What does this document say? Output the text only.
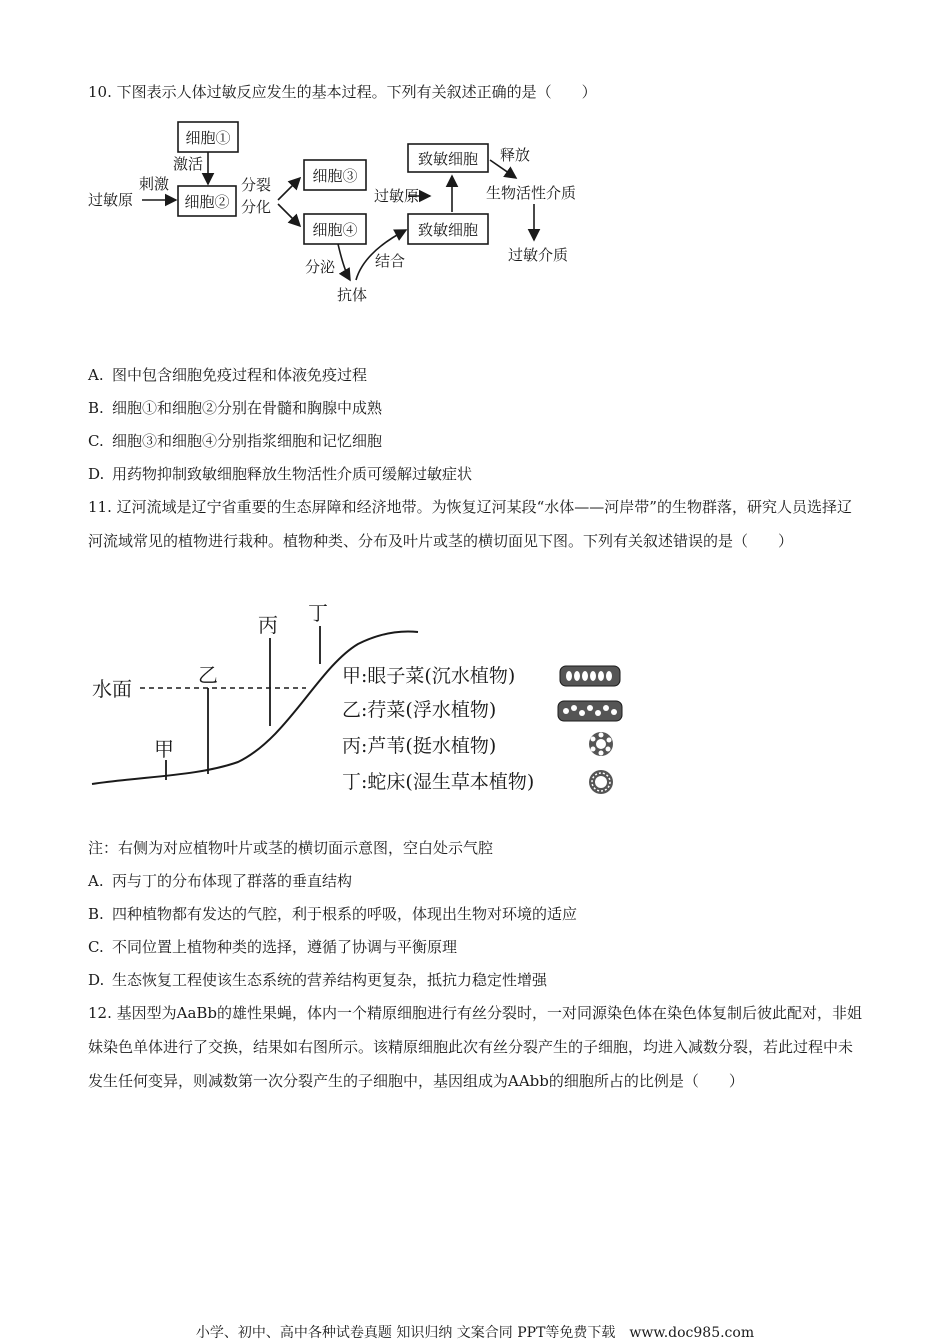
10. 下图表示人体过敏反应发生的基本过程。下列有关叙述正确的是（　　）
细胞①
激活
过敏原
刺激
细胞②
分裂
分化
细胞③
细胞④
分泌
抗体
结合
过敏原
致敏细胞
致敏细胞 释放
生物活性介质
过敏介质
A. 图中包含细胞免疫过程和体液免疫过程
B. 细胞①和细胞②分别在骨髓和胸腺中成熟
C. 细胞③和细胞④分别指浆细胞和记忆细胞
D. 用药物抑制致敏细胞释放生物活性介质可缓解过敏症状
11. 辽河流域是辽宁省重要的生态屏障和经济地带。为恢复辽河某段“水体——河岸带”的生物群落，研究人员选择辽河流域常见的植物进行栽种。植物种类、分布及叶片或茎的横切面见下图。下列有关叙述错误的是（　　）
水面
甲
乙
丙 丁
甲:眼子菜(沉水植物)
乙:荇菜(浮水植物)
丙:芦苇(挺水植物)
丁:蛇床(湿生草本植物)
注：右侧为对应植物叶片或茎的横切面示意图，空白处示气腔
A. 丙与丁的分布体现了群落的垂直结构
B. 四种植物都有发达的气腔，利于根系的呼吸，体现出生物对环境的适应
C. 不同位置上植物种类的选择，遵循了协调与平衡原理
D. 生态恢复工程使该生态系统的营养结构更复杂，抵抗力稳定性增强
12. 基因型为AaBb的雄性果蝇，体内一个精原细胞进行有丝分裂时，一对同源染色体在染色体复制后彼此配对，非姐妹染色单体进行了交换，结果如右图所示。该精原细胞此次有丝分裂产生的子细胞，均进入减数分裂，若此过程中未发生任何变异，则减数第一次分裂产生的子细胞中，基因组成为AAbb的细胞所占的比例是（　　）
小学、初中、高中各种试卷真题 知识归纳 文案合同 PPT等免费下载　www.doc985.com
